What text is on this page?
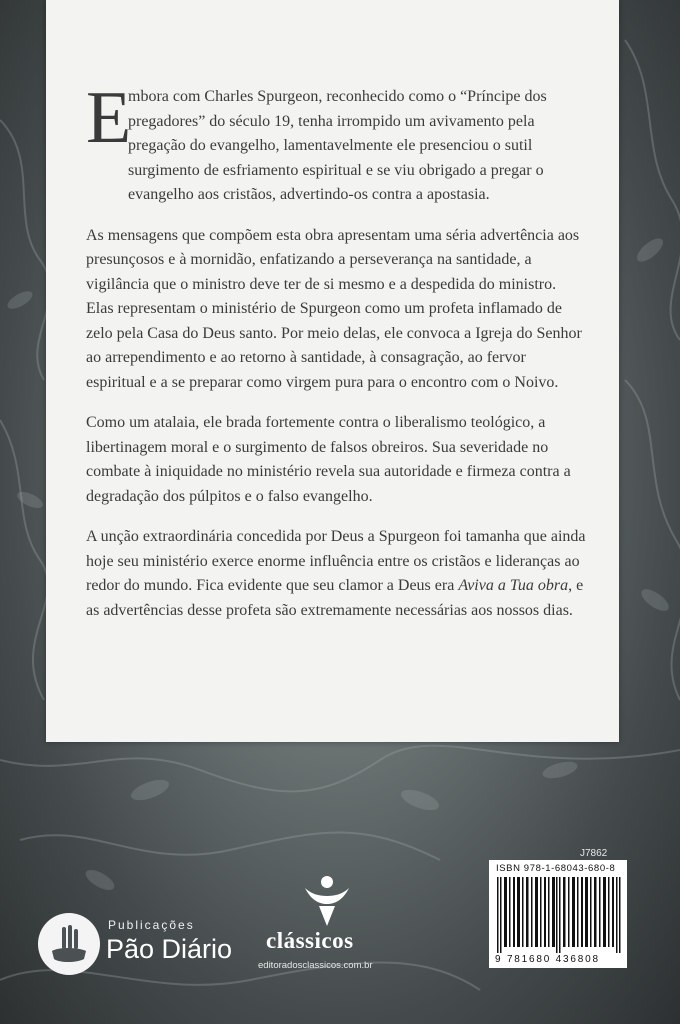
E
mbora com Charles Spurgeon, reconhecido como o “Príncipe dos pregadores” do século 19, tenha irrompido um avivamento pela pregação do evangelho, lamentavelmente ele presenciou o sutil surgimento de esfriamento espiritual e se viu obrigado a pregar o evangelho aos cristãos, advertindo-os contra a apostasia.

As mensagens que compõem esta obra apresentam uma séria advertência aos presunçosos e à mornidão, enfatizando a perseverança na santidade, a vigilância que o ministro deve ter de si mesmo e a despedida do ministro. Elas representam o ministério de Spurgeon como um profeta inflamado de zelo pela Casa do Deus santo. Por meio delas, ele convoca a Igreja do Senhor ao arrependimento e ao retorno à santidade, à consagração, ao fervor espiritual e a se preparar como virgem pura para o encontro com o Noivo.

Como um atalaia, ele brada fortemente contra o liberalismo teológico, a libertinagem moral e o surgimento de falsos obreiros. Sua severidade no combate à iniquidade no ministério revela sua autoridade e firmeza contra a degradação dos púlpitos e o falso evangelho.

A unção extraordinária concedida por Deus a Spurgeon foi tamanha que ainda hoje seu ministério exerce enorme influência entre os cristãos e lideranças ao redor do mundo. Fica evidente que seu clamor a Deus era Aviva a Tua obra, e as advertências desse profeta são extremamente necessárias aos nossos dias.

J7862
ISBN 978-1-68043-680-8
9 781680 436808
Publicações
Pão Diário clássicos
editoradosclassicos.com.br
